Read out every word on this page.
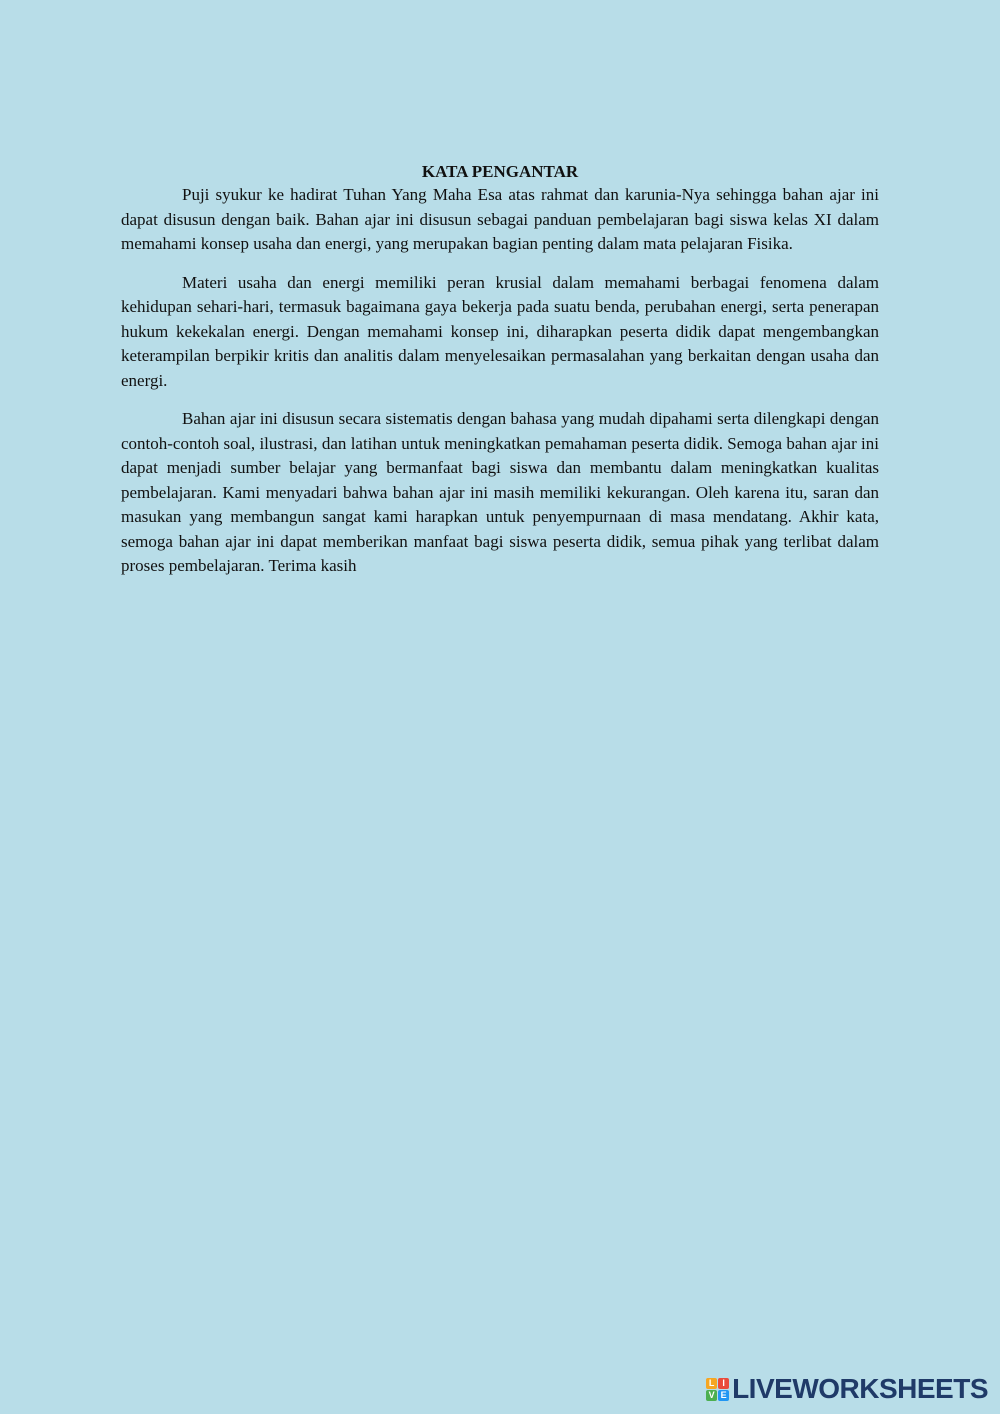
KATA PENGANTAR

Puji syukur ke hadirat Tuhan Yang Maha Esa atas rahmat dan karunia-Nya sehingga bahan ajar ini dapat disusun dengan baik. Bahan ajar ini disusun sebagai panduan pembelajaran bagi siswa kelas XI dalam memahami konsep usaha dan energi, yang merupakan bagian penting dalam mata pelajaran Fisika.

Materi usaha dan energi memiliki peran krusial dalam memahami berbagai fenomena dalam kehidupan sehari-hari, termasuk bagaimana gaya bekerja pada suatu benda, perubahan energi, serta penerapan hukum kekekalan energi. Dengan memahami konsep ini, diharapkan peserta didik dapat mengembangkan keterampilan berpikir kritis dan analitis dalam menyelesaikan permasalahan yang berkaitan dengan usaha dan energi.

Bahan ajar ini disusun secara sistematis dengan bahasa yang mudah dipahami serta dilengkapi dengan contoh-contoh soal, ilustrasi, dan latihan untuk meningkatkan pemahaman peserta didik. Semoga bahan ajar ini dapat menjadi sumber belajar yang bermanfaat bagi siswa dan membantu dalam meningkatkan kualitas pembelajaran. Kami menyadari bahwa bahan ajar ini masih memiliki kekurangan. Oleh karena itu, saran dan masukan yang membangun sangat kami harapkan untuk penyempurnaan di masa mendatang. Akhir kata, semoga bahan ajar ini dapat memberikan manfaat bagi siswa peserta didik, semua pihak yang terlibat dalam proses pembelajaran. Terima kasih

L I
V E LIVEWORKSHEETS
